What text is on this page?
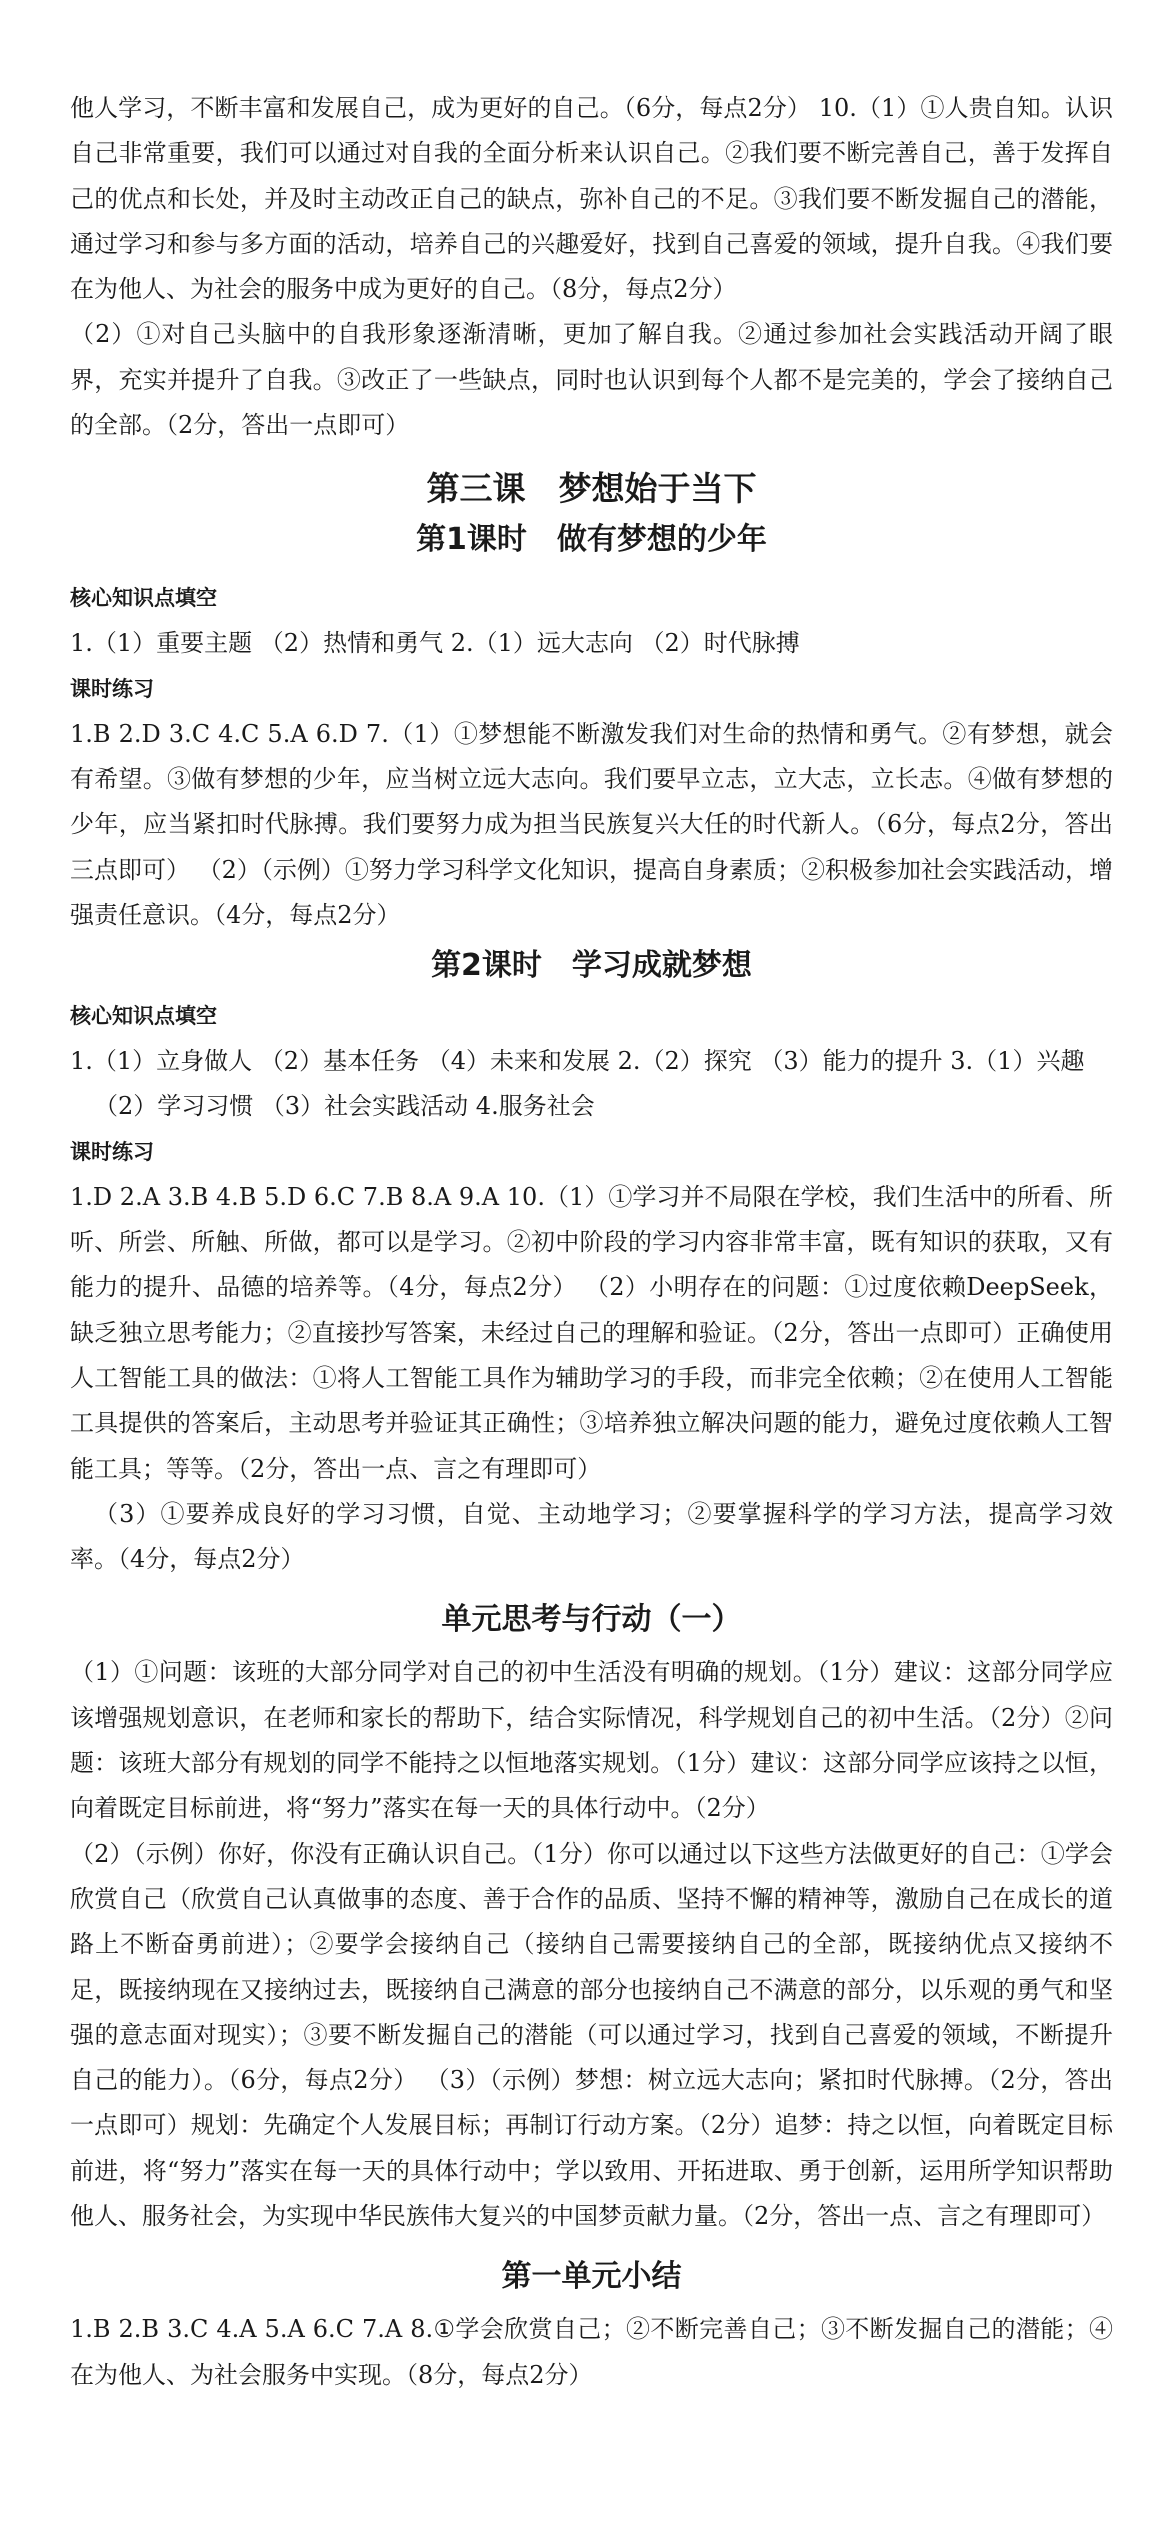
他人学习，不断丰富和发展自己，成为更好的自己。（6分，每点2分） 10.（1）①人贵自知。认识自己非常重要，我们可以通过对自我的全面分析来认识自己。②我们要不断完善自己，善于发挥自己的优点和长处，并及时主动改正自己的缺点，弥补自己的不足。③我们要不断发掘自己的潜能，通过学习和参与多方面的活动，培养自己的兴趣爱好，找到自己喜爱的领域，提升自我。④我们要在为他人、为社会的服务中成为更好的自己。（8分，每点2分）

（2）①对自己头脑中的自我形象逐渐清晰，更加了解自我。②通过参加社会实践活动开阔了眼界，充实并提升了自我。③改正了一些缺点，同时也认识到每个人都不是完美的，学会了接纳自己的全部。（2分，答出一点即可）

第三课　梦想始于当下
第1课时　做有梦想的少年
核心知识点填空

1.（1）重要主题 （2）热情和勇气 2.（1）远大志向 （2）时代脉搏

课时练习

1.B 2.D 3.C 4.C 5.A 6.D 7.（1）①梦想能不断激发我们对生命的热情和勇气。②有梦想，就会有希望。③做有梦想的少年，应当树立远大志向。我们要早立志，立大志，立长志。④做有梦想的少年，应当紧扣时代脉搏。我们要努力成为担当民族复兴大任的时代新人。（6分，每点2分，答出三点即可） （2）（示例）①努力学习科学文化知识，提高自身素质；②积极参加社会实践活动，增强责任意识。（4分，每点2分）

第2课时　学习成就梦想
核心知识点填空

1.（1）立身做人 （2）基本任务 （4）未来和发展 2.（2）探究 （3）能力的提升 3.（1）兴趣

（2）学习习惯 （3）社会实践活动 4.服务社会

课时练习

1.D 2.A 3.B 4.B 5.D 6.C 7.B 8.A 9.A 10.（1）①学习并不局限在学校，我们生活中的所看、所听、所尝、所触、所做，都可以是学习。②初中阶段的学习内容非常丰富，既有知识的获取，又有能力的提升、品德的培养等。（4分，每点2分） （2）小明存在的问题：①过度依赖DeepSeek，缺乏独立思考能力；②直接抄写答案，未经过自己的理解和验证。（2分，答出一点即可）正确使用人工智能工具的做法：①将人工智能工具作为辅助学习的手段，而非完全依赖；②在使用人工智能工具提供的答案后，主动思考并验证其正确性；③培养独立解决问题的能力，避免过度依赖人工智能工具；等等。（2分，答出一点、言之有理即可）

（3）①要养成良好的学习习惯，自觉、主动地学习；②要掌握科学的学习方法，提高学习效率。（4分，每点2分）

单元思考与行动（一）

（1）①问题：该班的大部分同学对自己的初中生活没有明确的规划。（1分）建议：这部分同学应该增强规划意识，在老师和家长的帮助下，结合实际情况，科学规划自己的初中生活。（2分）②问题：该班大部分有规划的同学不能持之以恒地落实规划。（1分）建议：这部分同学应该持之以恒，向着既定目标前进，将“努力”落实在每一天的具体行动中。（2分）

（2）（示例）你好，你没有正确认识自己。（1分）你可以通过以下这些方法做更好的自己：①学会欣赏自己（欣赏自己认真做事的态度、善于合作的品质、坚持不懈的精神等，激励自己在成长的道路上不断奋勇前进）；②要学会接纳自己（接纳自己需要接纳自己的全部，既接纳优点又接纳不足，既接纳现在又接纳过去，既接纳自己满意的部分也接纳自己不满意的部分，以乐观的勇气和坚强的意志面对现实）；③要不断发掘自己的潜能（可以通过学习，找到自己喜爱的领域，不断提升自己的能力）。（6分，每点2分） （3）（示例）梦想：树立远大志向；紧扣时代脉搏。（2分，答出一点即可）规划：先确定个人发展目标；再制订行动方案。（2分）追梦：持之以恒，向着既定目标前进，将“努力”落实在每一天的具体行动中；学以致用、开拓进取、勇于创新，运用所学知识帮助他人、服务社会，为实现中华民族伟大复兴的中国梦贡献力量。（2分，答出一点、言之有理即可）

第一单元小结

1.B 2.B 3.C 4.A 5.A 6.C 7.A 8.①学会欣赏自己；②不断完善自己；③不断发掘自己的潜能；④在为他人、为社会服务中实现。（8分，每点2分）
